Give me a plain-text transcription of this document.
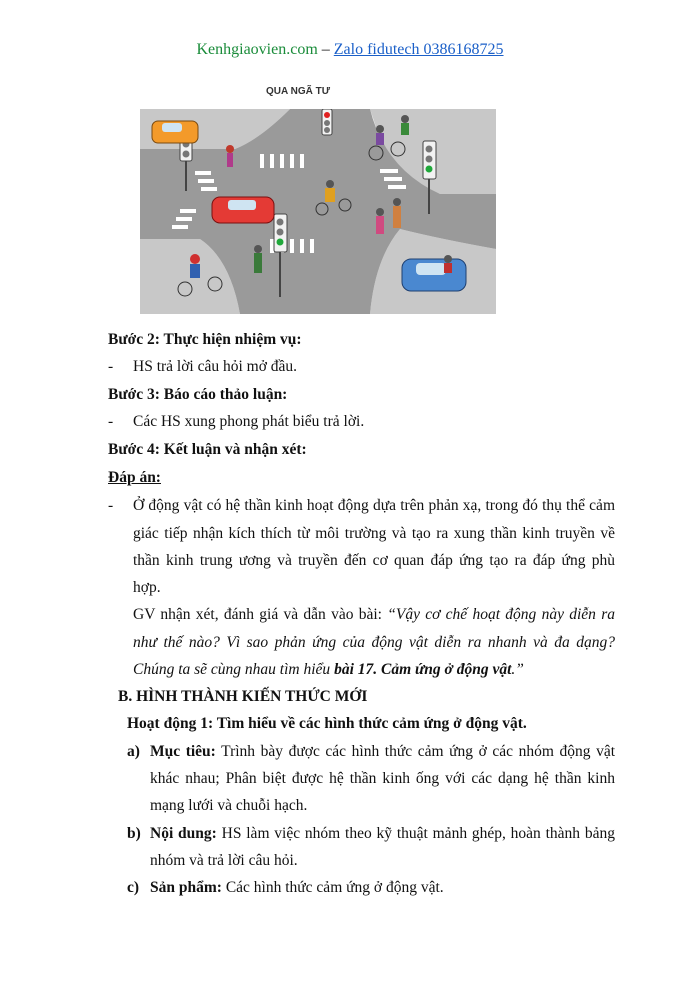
Kenhgiaovien.com – Zalo fidutech 0386168725
QUA NGÃ TƯ
Bước 2: Thực hiện nhiệm vụ:
- HS trả lời câu hỏi mở đầu.
Bước 3: Báo cáo thảo luận:
- Các HS xung phong phát biểu trả lời.
Bước 4: Kết luận và nhận xét:
Đáp án:
- Ở động vật có hệ thần kinh hoạt động dựa trên phản xạ, trong đó thụ thể cảm
giác tiếp nhận kích thích từ môi trường và tạo ra xung thần kinh truyền về
thần kinh trung ương và truyền đến cơ quan đáp ứng tạo ra đáp ứng phù
hợp.
GV nhận xét, đánh giá và dẫn vào bài: “Vậy cơ chế hoạt động này diễn ra
như thế nào? Vì sao phản ứng của động vật diễn ra nhanh và đa dạng?
Chúng ta sẽ cùng nhau tìm hiểu bài 17. Cảm ứng ở động vật.”
B. HÌNH THÀNH KIẾN THỨC MỚI
Hoạt động 1: Tìm hiểu về các hình thức cảm ứng ở động vật.
a) Mục tiêu: Trình bày được các hình thức cảm ứng ở các nhóm động vật
khác nhau; Phân biệt được hệ thần kinh ống với các dạng hệ thần kinh
mạng lưới và chuỗi hạch.
b) Nội dung: HS làm việc nhóm theo kỹ thuật mảnh ghép, hoàn thành bảng
nhóm và trả lời câu hỏi.
c) Sản phẩm: Các hình thức cảm ứng ở động vật.
